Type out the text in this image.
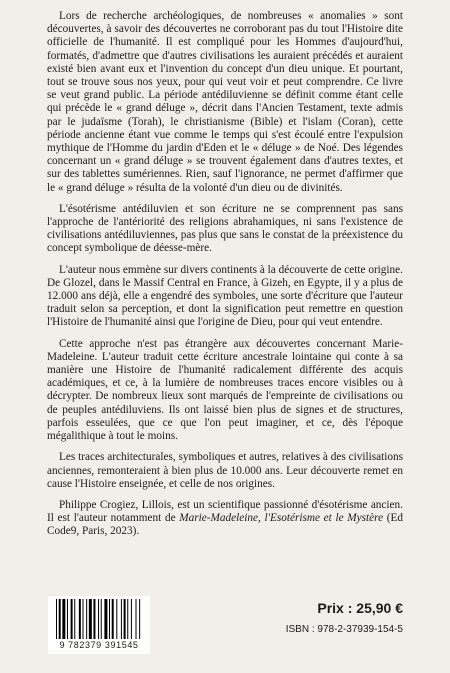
Lors de recherche archéologiques, de nombreuses « anomalies » sont découvertes, à savoir des découvertes ne corroborant pas du tout l'Histoire dite officielle de l'humanité. Il est compliqué pour les Hommes d'aujourd'hui, formatés, d'admettre que d'autres civilisations les auraient précédés et auraient existé bien avant eux et l'invention du concept d'un dieu unique. Et pourtant, tout se trouve sous nos yeux, pour qui veut voir et peut comprendre. Ce livre se veut grand public. La période antédiluvienne se définit comme étant celle qui précède le « grand déluge », décrit dans l'Ancien Testament, texte admis par le judaïsme (Torah), le christianisme (Bible) et l'islam (Coran), cette période ancienne étant vue comme le temps qui s'est écoulé entre l'expulsion mythique de l'Homme du jardin d'Eden et le « déluge » de Noé. Des légendes concernant un « grand déluge » se trouvent également dans d'autres textes, et sur des tablettes sumériennes. Rien, sauf l'ignorance, ne permet d'affirmer que le « grand déluge » résulta de la volonté d'un dieu ou de divinités.

L'ésotérisme antédiluvien et son écriture ne se comprennent pas sans l'approche de l'antériorité des religions abrahamiques, ni sans l'existence de civilisations antédiluviennes, pas plus que sans le constat de la préexistence du concept symbolique de déesse-mère.

L'auteur nous emmène sur divers continents à la découverte de cette origine. De Glozel, dans le Massif Central en France, à Gizeh, en Egypte, il y a plus de 12.000 ans déjà, elle a engendré des symboles, une sorte d'écriture que l'auteur traduit selon sa perception, et dont la signification peut remettre en question l'Histoire de l'humanité ainsi que l'origine de Dieu, pour qui veut entendre.

Cette approche n'est pas étrangère aux découvertes concernant Marie-Madeleine. L'auteur traduit cette écriture ancestrale lointaine qui conte à sa manière une Histoire de l'humanité radicalement différente des acquis académiques, et ce, à la lumière de nombreuses traces encore visibles ou à décrypter. De nombreux lieux sont marqués de l'empreinte de civilisations ou de peuples antédiluviens. Ils ont laissé bien plus de signes et de structures, parfois esseulées, que ce que l'on peut imaginer, et ce, dès l'époque mégalithique à tout le moins.

Les traces architecturales, symboliques et autres, relatives à des civilisations anciennes, remonteraient à bien plus de 10.000 ans. Leur découverte remet en cause l'Histoire enseignée, et celle de nos origines.

Philippe Crogiez, Lillois, est un scientifique passionné d'ésotérisme ancien. Il est l'auteur notamment de Marie-Madeleine, l'Esotérisme et le Mystère (Ed Code9, Paris, 2023).

9 782379 391545
Prix : 25,90 €
ISBN : 978-2-37939-154-5
